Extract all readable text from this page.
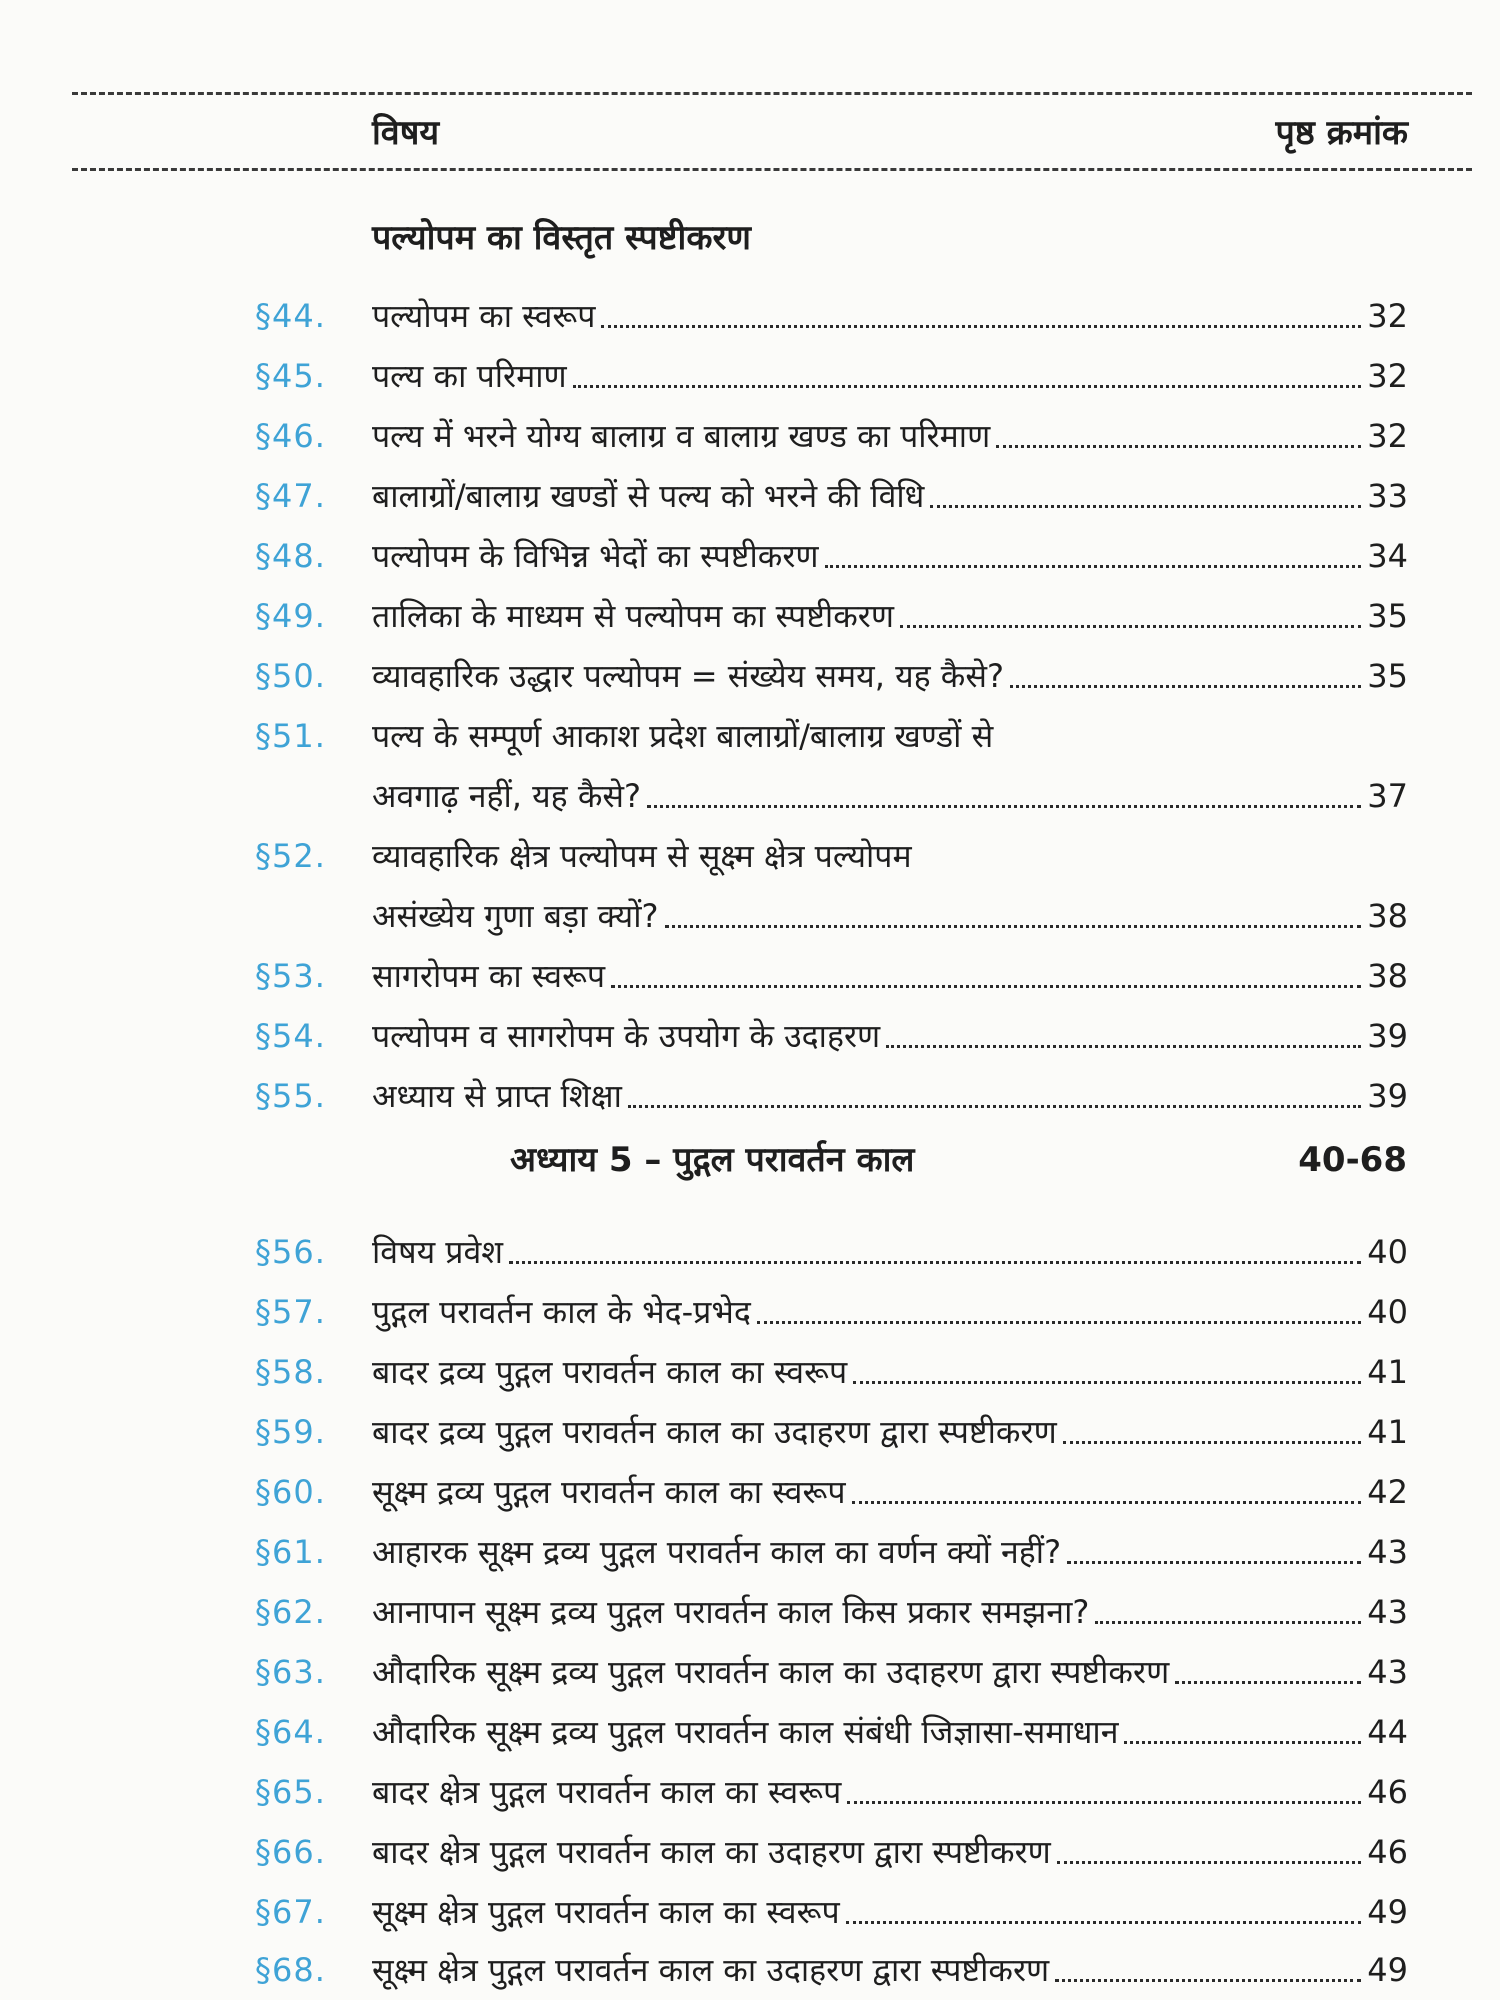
विषय	पृष्ठ क्रमांक
पल्योपम का विस्तृत स्पष्टीकरण
§44. पल्योपम का स्वरूप	32
§45. पल्य का परिमाण	32
§46. पल्य में भरने योग्य बालाग्र व बालाग्र खण्ड का परिमाण	32
§47. बालाग्रों/बालाग्र खण्डों से पल्य को भरने की विधि	33
§48. पल्योपम के विभिन्न भेदों का स्पष्टीकरण	34
§49. तालिका के माध्यम से पल्योपम का स्पष्टीकरण	35
§50. व्यावहारिक उद्धार पल्योपम = संख्येय समय, यह कैसे?	35
§51. पल्य के सम्पूर्ण आकाश प्रदेश बालाग्रों/बालाग्र खण्डों से
अवगाढ़ नहीं, यह कैसे?	37
§52. व्यावहारिक क्षेत्र पल्योपम से सूक्ष्म क्षेत्र पल्योपम
असंख्येय गुणा बड़ा क्यों?	38
§53. सागरोपम का स्वरूप	38
§54. पल्योपम व सागरोपम के उपयोग के उदाहरण	39
§55. अध्याय से प्राप्त शिक्षा	39
अध्याय 5 – पुद्गल परावर्तन काल	40-68
§56. विषय प्रवेश	40
§57. पुद्गल परावर्तन काल के भेद-प्रभेद	40
§58. बादर द्रव्य पुद्गल परावर्तन काल का स्वरूप	41
§59. बादर द्रव्य पुद्गल परावर्तन काल का उदाहरण द्वारा स्पष्टीकरण	41
§60. सूक्ष्म द्रव्य पुद्गल परावर्तन काल का स्वरूप	42
§61. आहारक सूक्ष्म द्रव्य पुद्गल परावर्तन काल का वर्णन क्यों नहीं?	43
§62. आनापान सूक्ष्म द्रव्य पुद्गल परावर्तन काल किस प्रकार समझना?	43
§63. औदारिक सूक्ष्म द्रव्य पुद्गल परावर्तन काल का उदाहरण द्वारा स्पष्टीकरण	43
§64. औदारिक सूक्ष्म द्रव्य पुद्गल परावर्तन काल संबंधी जिज्ञासा-समाधान	44
§65. बादर क्षेत्र पुद्गल परावर्तन काल का स्वरूप	46
§66. बादर क्षेत्र पुद्गल परावर्तन काल का उदाहरण द्वारा स्पष्टीकरण	46
§67. सूक्ष्म क्षेत्र पुद्गल परावर्तन काल का स्वरूप	49
§68. सूक्ष्म क्षेत्र पुद्गल परावर्तन काल का उदाहरण द्वारा स्पष्टीकरण	49
